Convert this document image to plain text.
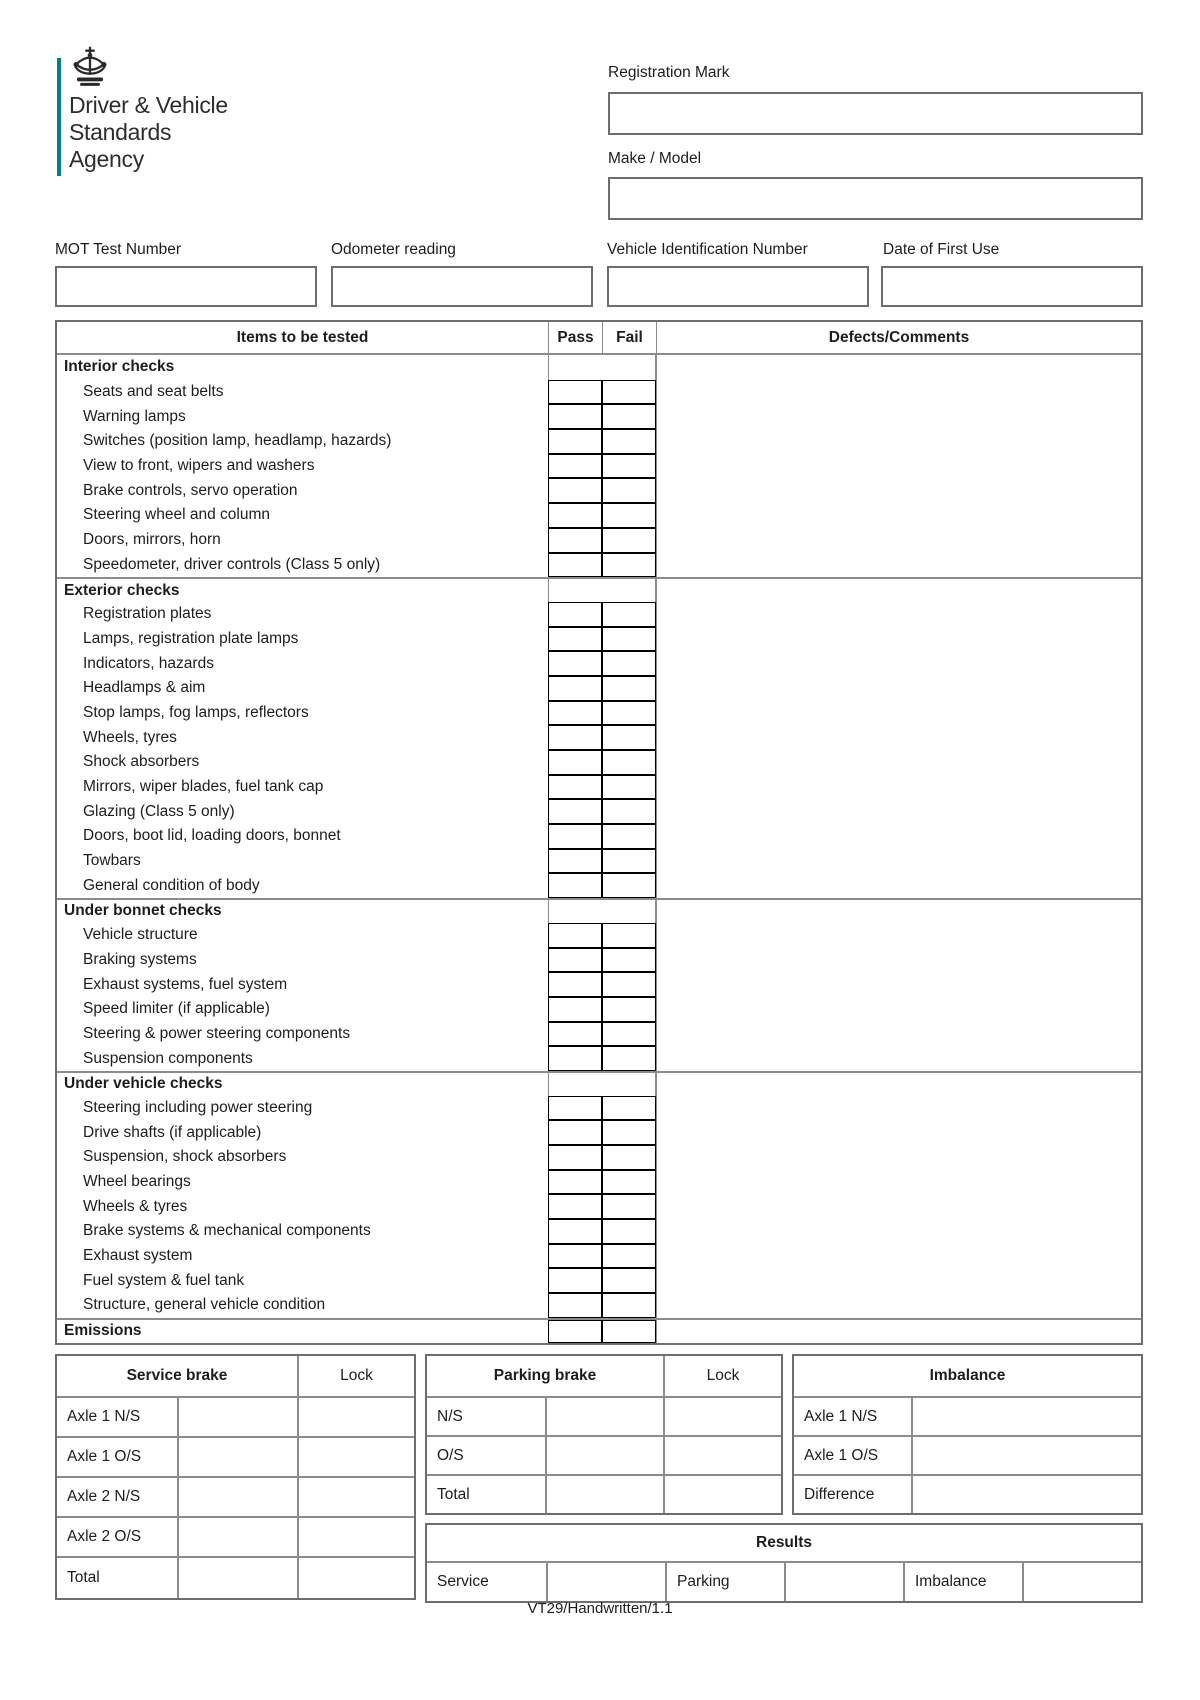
Driver & Vehicle
Standards
Agency
Registration Mark
Make / Model
MOT Test Number	Odometer reading	Vehicle Identification Number	Date of First Use
Items to be tested	Pass	Fail	Defects/Comments
Interior checks
Seats and seat belts
Warning lamps
Switches (position lamp, headlamp, hazards)
View to front, wipers and washers
Brake controls, servo operation
Steering wheel and column
Doors, mirrors, horn
Speedometer, driver controls (Class 5 only)
Exterior checks
Registration plates
Lamps, registration plate lamps
Indicators, hazards
Headlamps & aim
Stop lamps, fog lamps, reflectors
Wheels, tyres
Shock absorbers
Mirrors, wiper blades, fuel tank cap
Glazing (Class 5 only)
Doors, boot lid, loading doors, bonnet
Towbars
General condition of body
Under bonnet checks
Vehicle structure
Braking systems
Exhaust systems, fuel system
Speed limiter (if applicable)
Steering & power steering components
Suspension components
Under vehicle checks
Steering including power steering
Drive shafts (if applicable)
Suspension, shock absorbers
Wheel bearings
Wheels & tyres
Brake systems & mechanical components
Exhaust system
Fuel system & fuel tank
Structure, general vehicle condition
Emissions
Service brake	Lock
Axle 1 N/S
Axle 1 O/S
Axle 2 N/S
Axle 2 O/S
Total
Parking brake	Lock
N/S
O/S
Total
Imbalance
Axle 1 N/S
Axle 1 O/S
Difference
Results
Service	Parking	Imbalance
VT29/Handwritten/1.1
